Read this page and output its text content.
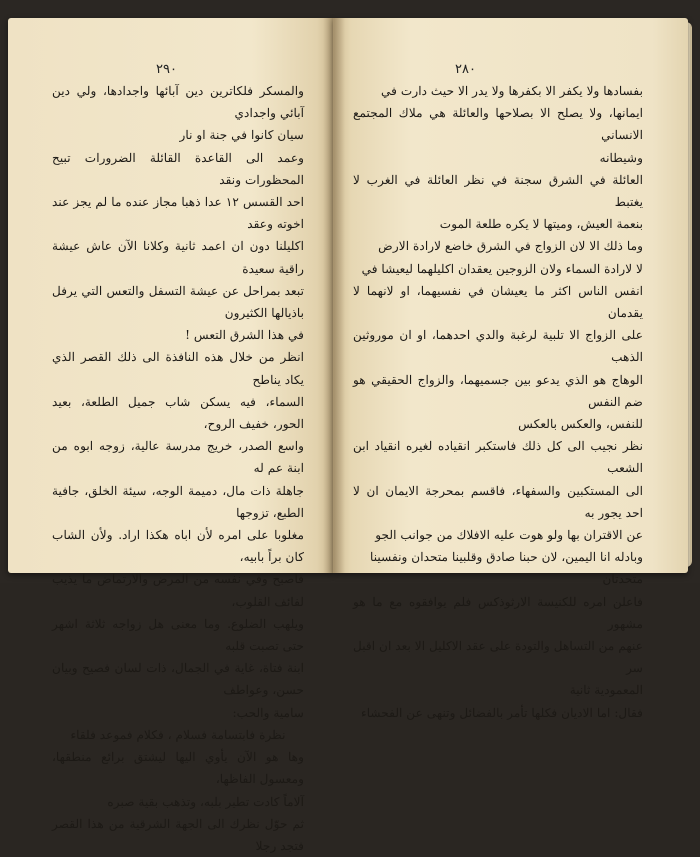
٢٩٠

والمسكر فلكاترين دين آبائها واجدادها، ولي دين آبائي واجدادي

سيان كانوا في جنة او نار

وعمد الى القاعدة القائلة الضرورات تبيح المحظورات ونقد

احد القسس ١٢ عدا ذهبا مجاز عنده ما لم يجز عند اخوته وعقد

اكليلنا دون ان اعمد ثانية وكلانا الآن عاش عيشة راقية سعيدة

تبعد بمراحل عن عيشة التسفل والتعس التي يرفل باذيالها الكثيرون

في هذا الشرق التعس !

انظر من خلال هذه النافذة الى ذلك القصر الذي يكاد يناطح

السماء، فيه يسكن شاب جميل الطلعة، بعيد الحور، خفيف الروح،

واسع الصدر، خريج مدرسة عالية، زوجه ابوه من ابنة عم له

جاهلة ذات مال، دميمة الوجه، سيئة الخلق، جافية الطبع، تزوجها

مغلوبا على امره لأن اباه هكذا اراد. ولأن الشاب كان براً بابيه،

فاصبح وفي نفسه من المرض والارتماض ما يذيب لفائف القلوب،

ويلهب الضلوع. وما معنى هل زواجه ثلاثة اشهر حتى تصبت قلبه

ابنة فتاة، غاية في الجمال، ذات لسان فصيح وبيان حسن، وعواطف

سامية والحب:

نظرة فابتسامة فسلام ، فكلام فموعد فلقاء

وها هو الآن يأوي اليها ليشتق برائع منطقها، ومعسول الفاظها،

آلاماً كادت تطير بلبه، وتذهب بقية صبره

ثم حوّل نظرك الى الجهة الشرقية من هذا القصر فتجد رجلا

٢٨٠

بفسادها ولا يكفر الا بكفرها ولا يدر الا حيث دارت في

ايمانها، ولا يصلح الا بصلاحها والعائلة هي ملاك المجتمع الانساني

وشيطانه

العائلة في الشرق سجنة في نظر العائلة في الغرب لا يغتبط

بنعمة العيش، وميتها لا يكره طلعة الموت

وما ذلك الا لان الزواج في الشرق خاضع لارادة الارض

لا لارادة السماء ولان الزوجين يعقدان اكليلهما ليعيشا في

انفس الناس اكثر ما يعيشان في نفسيهما، او لانهما لا يقدمان

على الزواج الا تلبية لرغبة والدي احدهما، او ان موروثين الذهب

الوهاج هو الذي يدعو بين جسميهما، والزواج الحقيقي هو ضم النفس

للنفس، والعكس بالعكس

نظر نجيب الى كل ذلك فاستكبر انقياده لغيره انقياد ابن الشعب

الى المستكبين والسفهاء، فاقسم بمحرجة الايمان ان لا احد يجور به

عن الاقتران بها ولو هوت عليه الافلاك من جوانب الجو

وبادله انا اليمين، لان حبنا صادق وقلبينا متحدان ونفسينا

متحدتان

فاعلن امره للكنيسة الارثوذكس فلم يوافقوه مع ما هو مشهور

عنهم من التساهل والتودة على عقد الاكليل الا بعد ان اقبل سر

المعمودية ثانية

فقال: اما الاديان فكلها تأمر بالفضائل وتنهى عن الفحشاء
